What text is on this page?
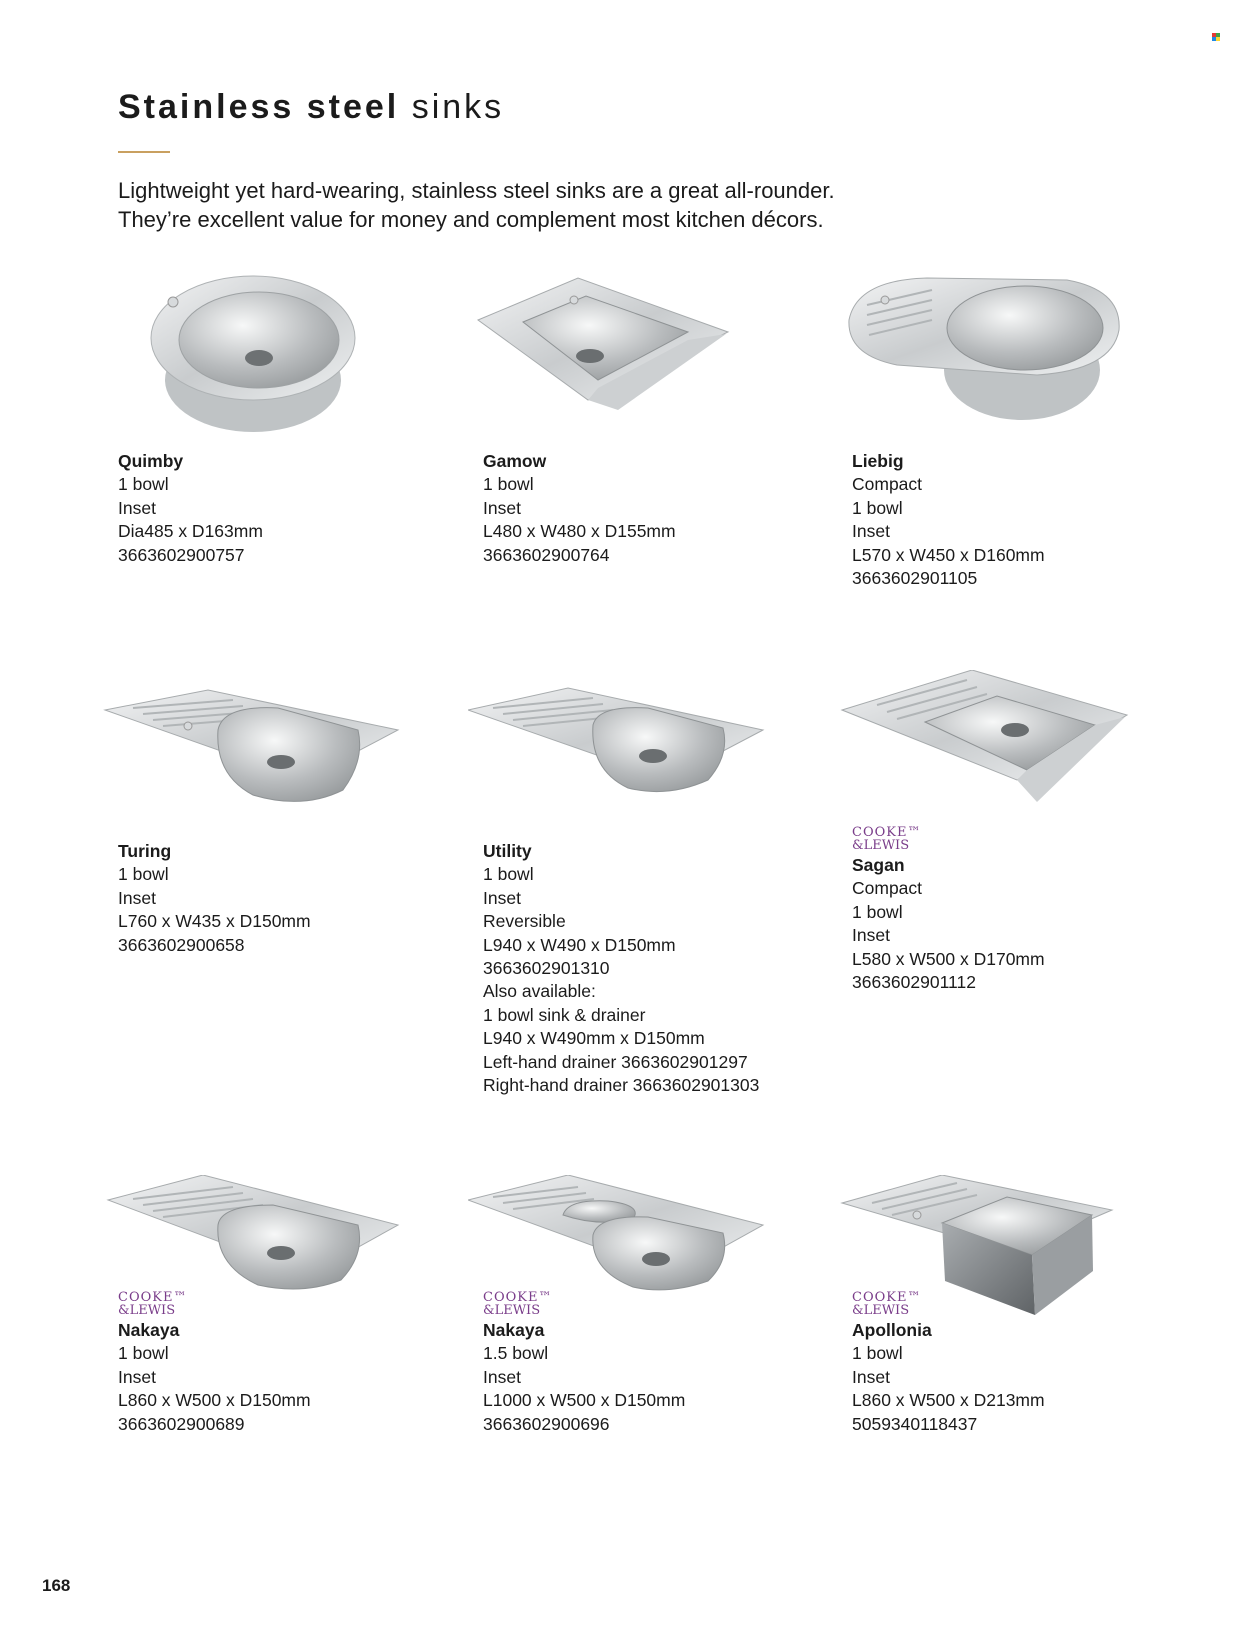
Stainless steel sinks

Lightweight yet hard-wearing, stainless steel sinks are a great all-rounder.

They’re excellent value for money and complement most kitchen décors.

Quimby
1 bowl
Inset
Dia485 x D163mm
3663602900757
Gamow
1 bowl
Inset
L480 x W480 x D155mm
3663602900764
Liebig
Compact
1 bowl
Inset
L570 x W450 x D160mm
3663602901105
Turing
1 bowl
Inset
L760 x W435 x D150mm
3663602900658
Utility
1 bowl
Inset
Reversible
L940 x W490 x D150mm
3663602901310
Also available:
1 bowl sink & drainer
L940 x W490mm x D150mm
Left-hand drainer 3663602901297
Right-hand drainer 3663602901303
COOKE™
&LEWIS
Sagan
Compact
1 bowl
Inset
L580 x W500 x D170mm
3663602901112
COOKE™
&LEWIS
Nakaya
1 bowl
Inset
L860 x W500 x D150mm
3663602900689
COOKE™
&LEWIS
Nakaya
1.5 bowl
Inset
L1000 x W500 x D150mm
3663602900696
COOKE™
&LEWIS
Apollonia
1 bowl
Inset
L860 x W500 x D213mm
5059340118437
168
